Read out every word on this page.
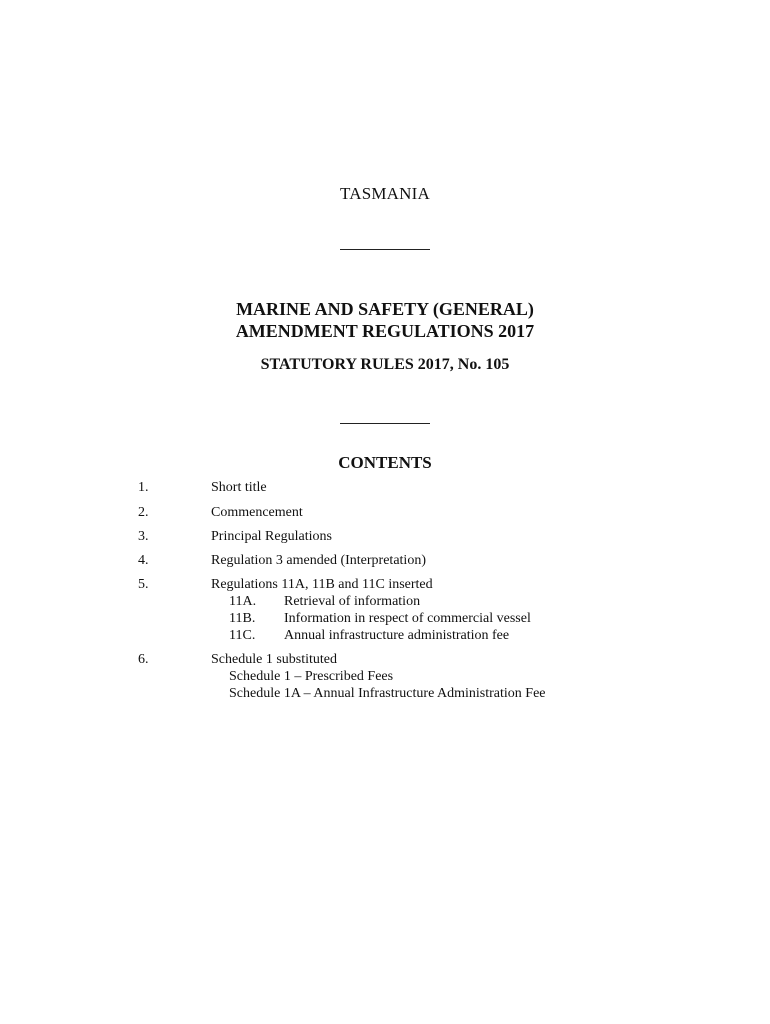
TASMANIA
MARINE AND SAFETY (GENERAL)
AMENDMENT REGULATIONS 2017
STATUTORY RULES 2017, No. 105
CONTENTS
1.	Short title
2.	Commencement
3.	Principal Regulations
4.	Regulation 3 amended (Interpretation)
5.	Regulations 11A, 11B and 11C inserted
11A. Retrieval of information
11B. Information in respect of commercial vessel
11C. Annual infrastructure administration fee
6.	Schedule 1 substituted
Schedule 1 – Prescribed Fees
Schedule 1A – Annual Infrastructure Administration Fee
